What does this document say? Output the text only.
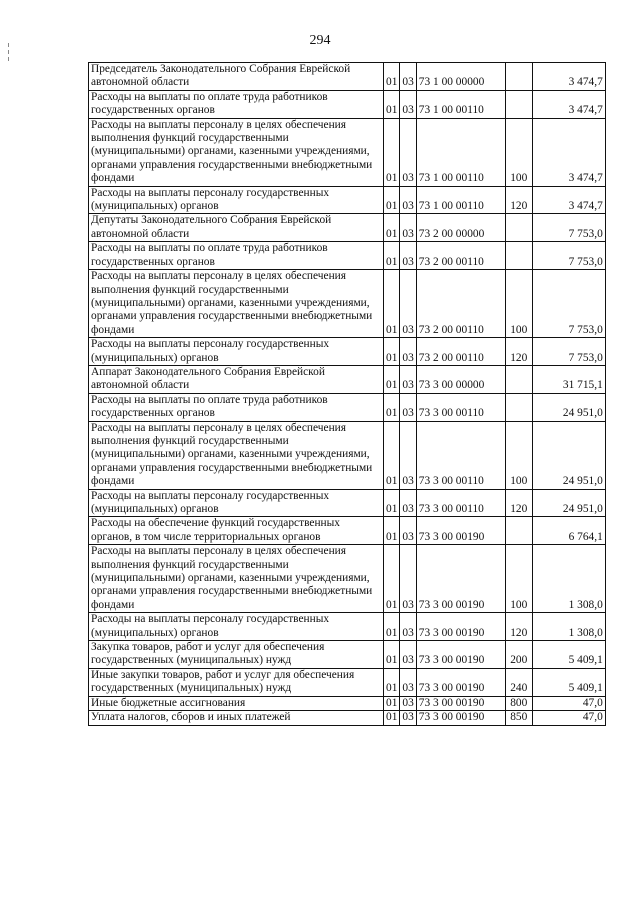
294
Председатель Законодательного Собрания Еврейской автономной области	01	03	73 1 00 00000		3 474,7
Расходы на выплаты по оплате труда работников государственных органов	01	03	73 1 00 00110		3 474,7
Расходы на выплаты персоналу в целях обеспечения выполнения функций государственными (муниципальными) органами, казенными учреждениями, органами управления государственными внебюджетными фондами	01	03	73 1 00 00110	100	3 474,7
Расходы на выплаты персоналу государственных (муниципальных) органов	01	03	73 1 00 00110	120	3 474,7
Депутаты Законодательного Собрания Еврейской автономной области	01	03	73 2 00 00000		7 753,0
Расходы на выплаты по оплате труда работников государственных органов	01	03	73 2 00 00110		7 753,0
Расходы на выплаты персоналу в целях обеспечения выполнения функций государственными (муниципальными) органами, казенными учреждениями, органами управления государственными внебюджетными фондами	01	03	73 2 00 00110	100	7 753,0
Расходы на выплаты персоналу государственных (муниципальных) органов	01	03	73 2 00 00110	120	7 753,0
Аппарат Законодательного Собрания Еврейской автономной области	01	03	73 3 00 00000		31 715,1
Расходы на выплаты по оплате труда работников государственных органов	01	03	73 3 00 00110		24 951,0
Расходы на выплаты персоналу в целях обеспечения выполнения функций государственными (муниципальными) органами, казенными учреждениями, органами управления государственными внебюджетными фондами	01	03	73 3 00 00110	100	24 951,0
Расходы на выплаты персоналу государственных (муниципальных) органов	01	03	73 3 00 00110	120	24 951,0
Расходы на обеспечение функций государственных органов, в том числе территориальных органов	01	03	73 3 00 00190		6 764,1
Расходы на выплаты персоналу в целях обеспечения выполнения функций государственными (муниципальными) органами, казенными учреждениями, органами управления государственными внебюджетными фондами	01	03	73 3 00 00190	100	1 308,0
Расходы на выплаты персоналу государственных (муниципальных) органов	01	03	73 3 00 00190	120	1 308,0
Закупка товаров, работ и услуг для обеспечения государственных (муниципальных) нужд	01	03	73 3 00 00190	200	5 409,1
Иные закупки товаров, работ и услуг для обеспечения государственных (муниципальных) нужд	01	03	73 3 00 00190	240	5 409,1
Иные бюджетные ассигнования	01	03	73 3 00 00190	800	47,0
Уплата налогов, сборов и иных платежей	01	03	73 3 00 00190	850	47,0
